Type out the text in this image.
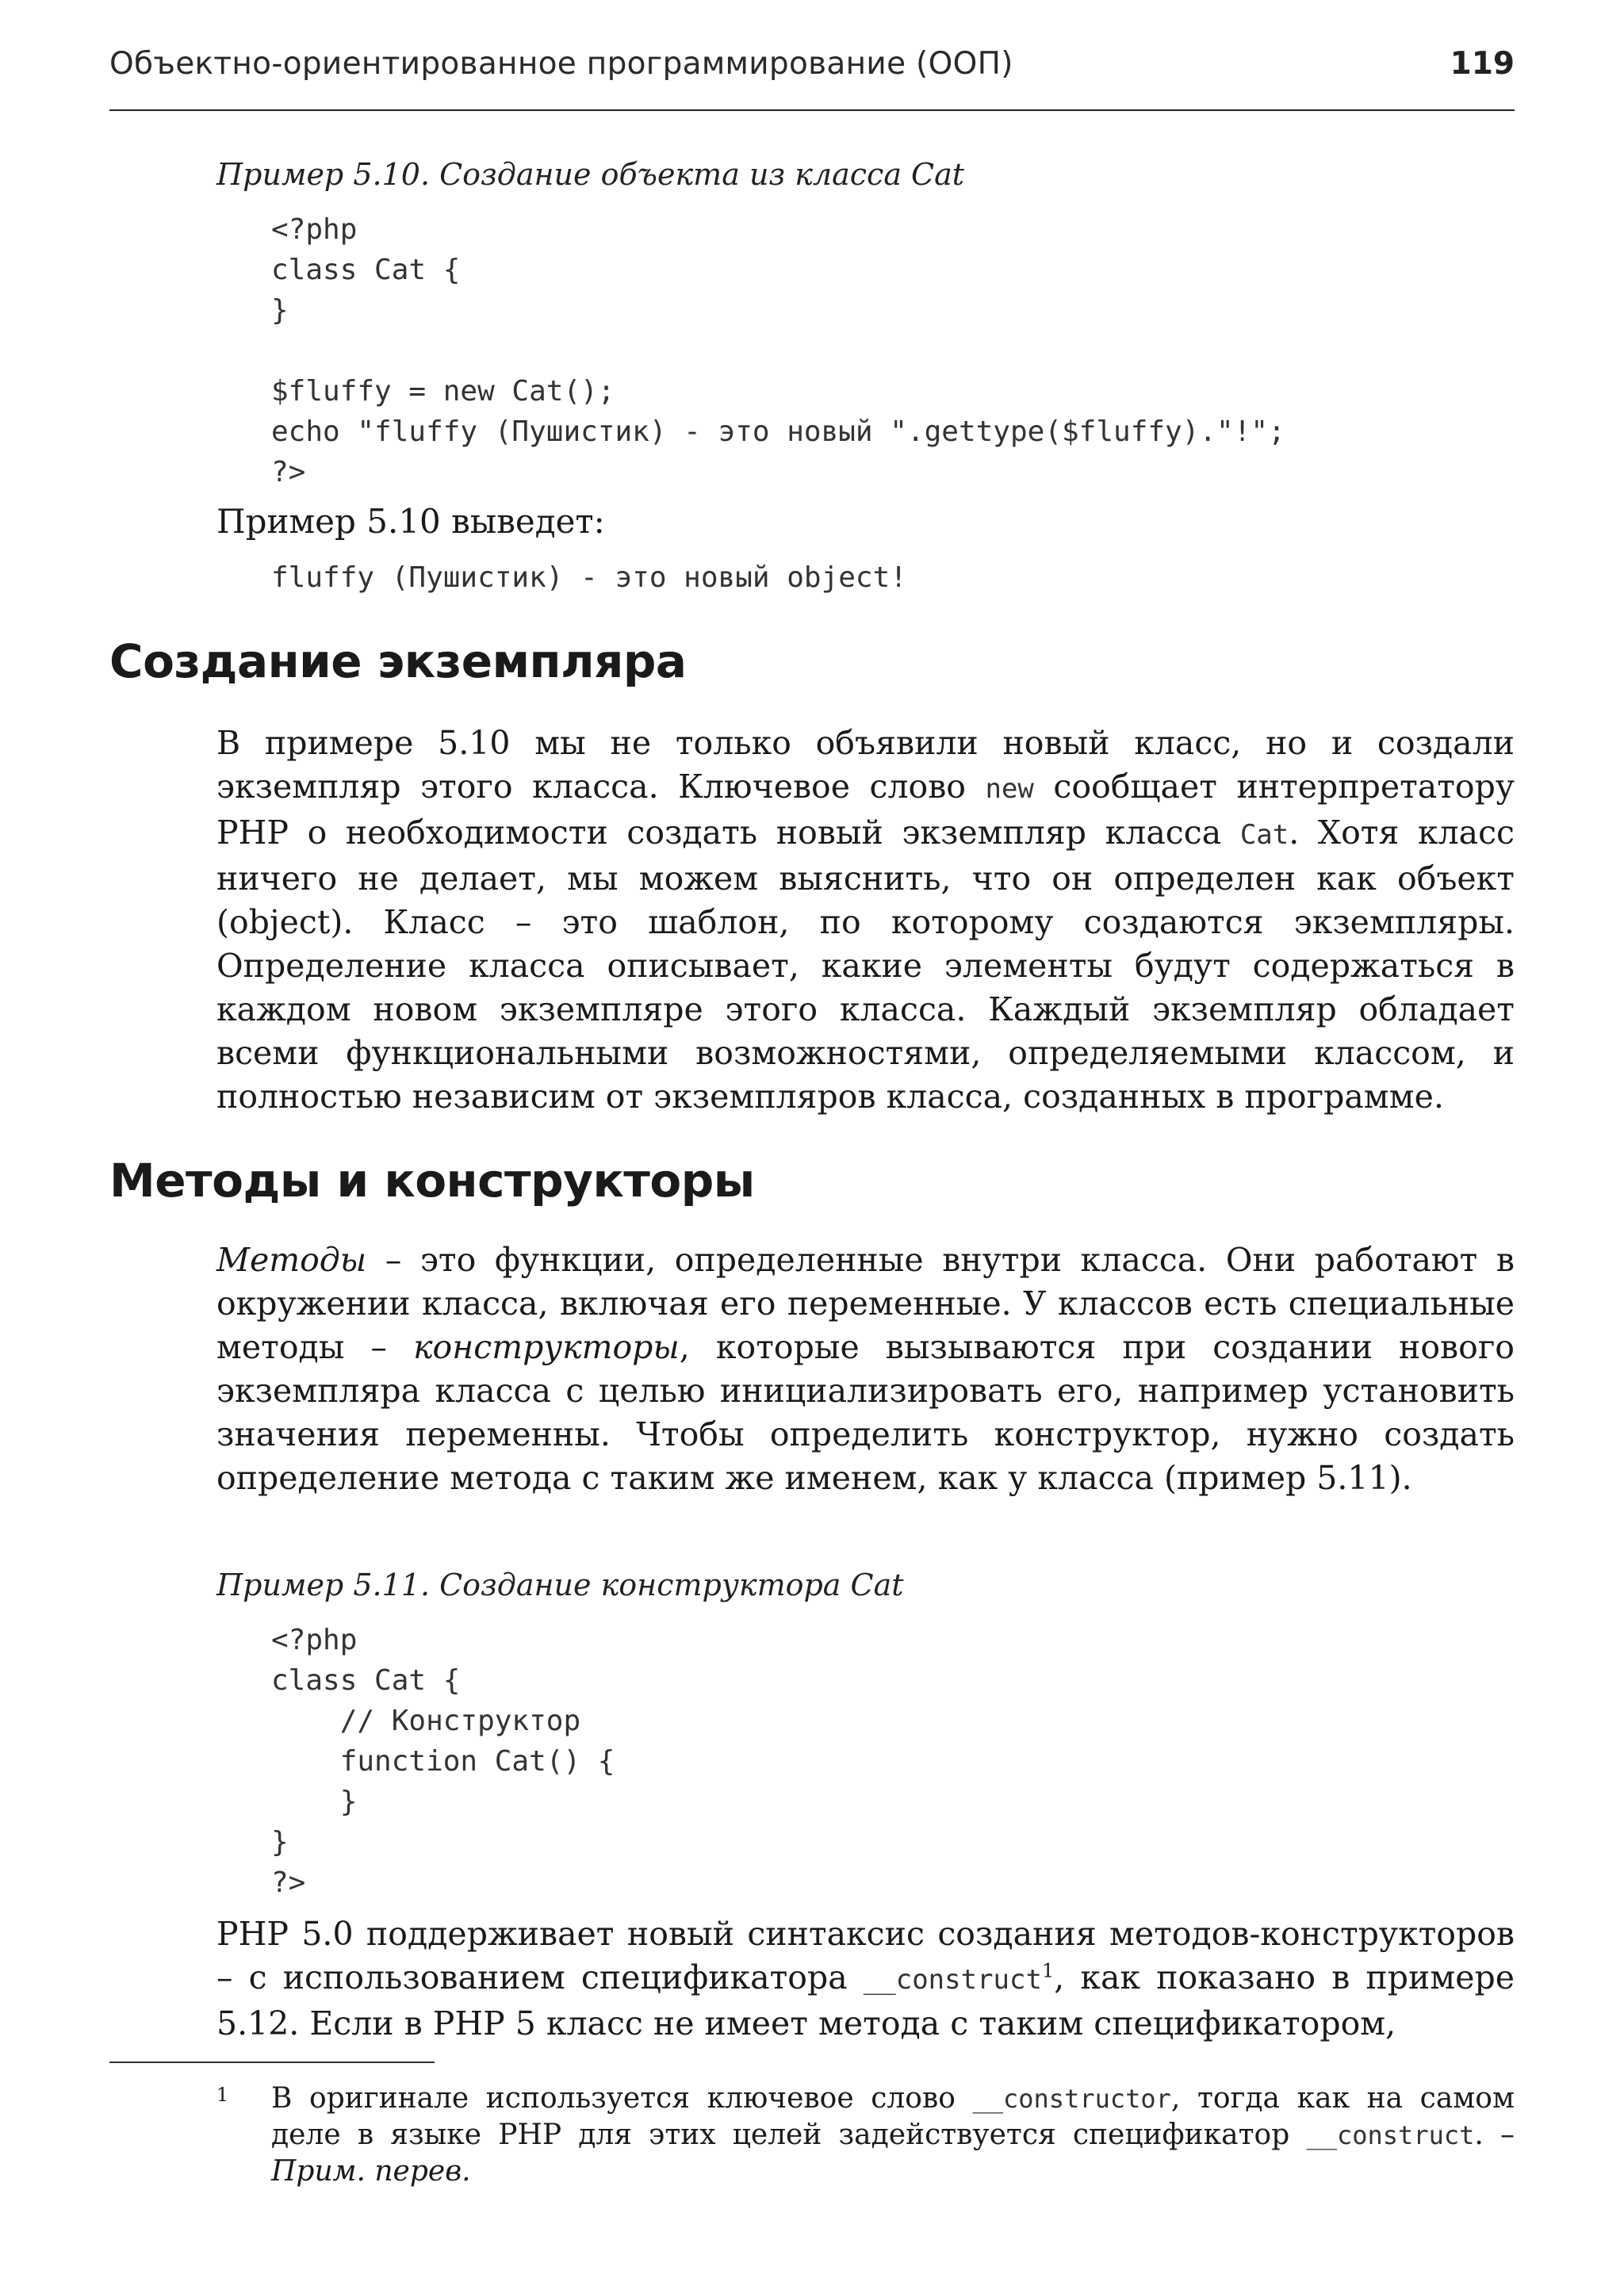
Объектно-ориентированное программирование (ООП)	119
Пример 5.10. Создание объекта из класса Cat
<?php
class Cat {
}

$fluffy = new Cat();
echo "fluffy (Пушистик) - это новый ".gettype($fluffy)."!";
?>
Пример 5.10 выведет:
fluffy (Пушистик) - это новый object!
Создание экземпляра

В примере 5.10 мы не только объявили новый класс, но и создали экземпляр этого класса. Ключевое слово new сообщает интерпретатору PHP о необходимости создать новый экземпляр класса Cat. Хотя класс ничего не делает, мы можем выяснить, что он определен как объект (object). Класс – это шаблон, по которому создаются экземпляры. Определение класса описывает, какие элементы будут содержаться в каждом новом экземпляре этого класса. Каждый экземпляр обладает всеми функциональными возможностями, определяемыми классом, и полностью независим от экземпляров класса, созданных в программе.

Методы и конструкторы

Методы – это функции, определенные внутри класса. Они работают в окружении класса, включая его переменные. У классов есть специальные методы – конструкторы, которые вызываются при создании нового экземпляра класса с целью инициализировать его, например установить значения переменны. Чтобы определить конструктор, нужно создать определение метода с таким же именем, как у класса (пример 5.11).

Пример 5.11. Создание конструктора Cat
<?php
class Cat {
// Конструктор
function Cat() {
}
}
?>

PHP 5.0 поддерживает новый синтаксис создания методов-конструкторов – с использованием спецификатора __construct$^1$, как показано в примере 5.12. Если в PHP 5 класс не имеет метода с таким спецификатором,

1 В оригинале используется ключевое слово __constructor, тогда как на самом деле в языке PHP для этих целей задействуется спецификатор __construct. – Прим. перев.
